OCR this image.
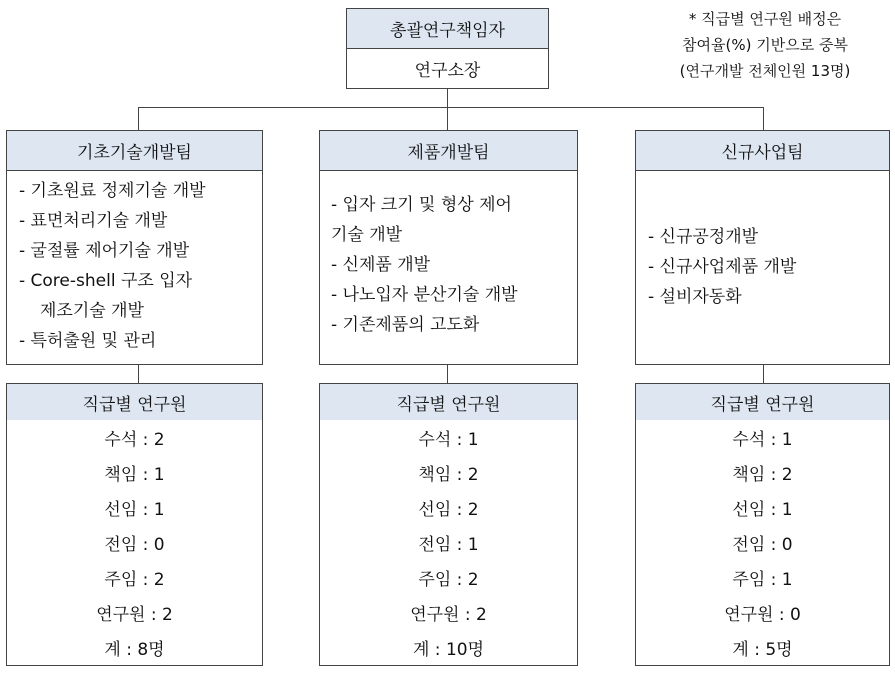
총괄연구책임자
연구소장
* 직급별 연구원 배정은
참여율(%) 기반으로 중복
(연구개발 전체인원 13명)
기초기술개발팀
- 기초원료 정제기술 개발
- 표면처리기술 개발
- 굴절률 제어기술 개발
- Core-shell 구조 입자
제조기술 개발
- 특허출원 및 관리
직급별 연구원
수석 : 2
책임 : 1
선임 : 1
전임 : 0
주임 : 2
연구원 : 2
계 : 8명
제품개발팀
- 입자 크기 및 형상 제어
기술 개발
- 신제품 개발
- 나노입자 분산기술 개발
- 기존제품의 고도화
직급별 연구원
수석 : 1
책임 : 2
선임 : 2
전임 : 1
주임 : 2
연구원 : 2
계 : 10명
신규사업팀
- 신규공정개발
- 신규사업제품 개발
- 설비자동화
직급별 연구원
수석 : 1
책임 : 2
선임 : 1
전임 : 0
주임 : 1
연구원 : 0
계 : 5명
